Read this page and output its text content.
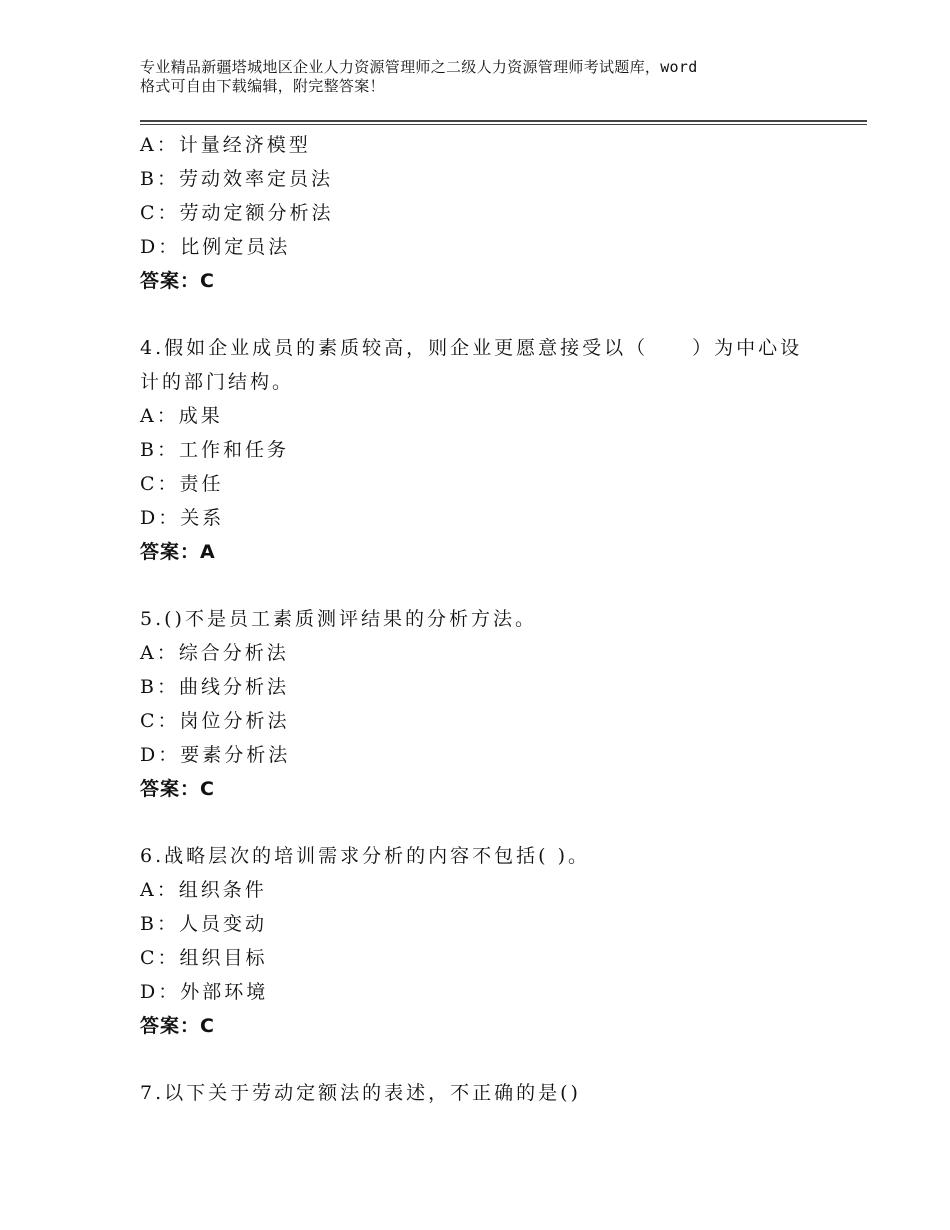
专业精品新疆塔城地区企业人力资源管理师之二级人力资源管理师考试题库，word
格式可自由下载编辑，附完整答案！
A：计量经济模型
B：劳动效率定员法
C：劳动定额分析法
D：比例定员法
答案：C
4.假如企业成员的素质较高，则企业更愿意接受以（　　）为中心设
计的部门结构。
A：成果
B：工作和任务
C：责任
D：关系
答案：A
5.()不是员工素质测评结果的分析方法。
A：综合分析法
B：曲线分析法
C：岗位分析法
D：要素分析法
答案：C
6.战略层次的培训需求分析的内容不包括( )。
A：组织条件
B：人员变动
C：组织目标
D：外部环境
答案：C
7.以下关于劳动定额法的表述，不正确的是()
